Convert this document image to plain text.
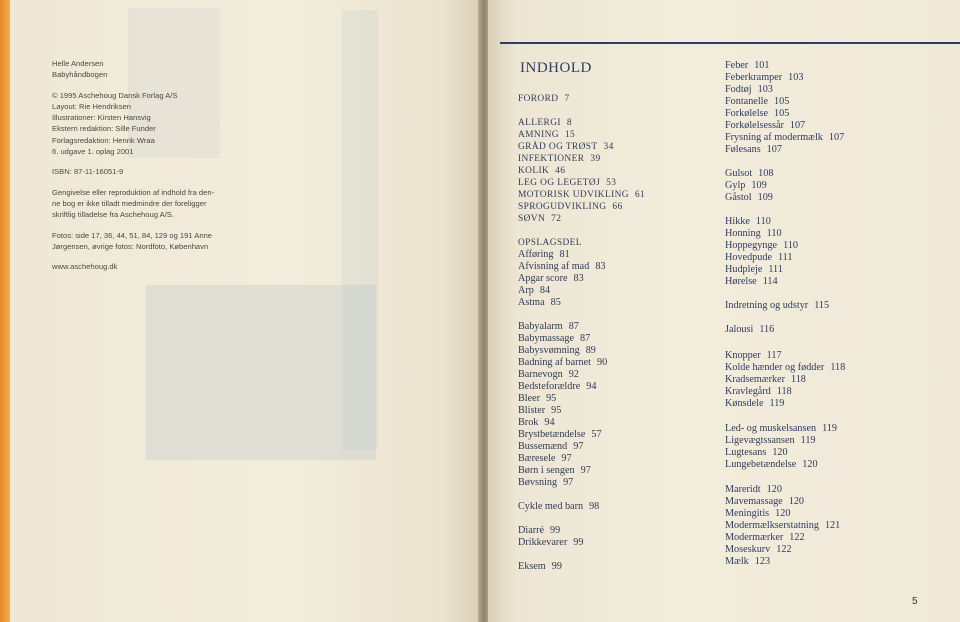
Helle Andersen
Babyhåndbogen
© 1995 Aschehoug Dansk Forlag A/S
Layout: Rie Hendriksen
Illustrationer: Kirsten Hansvig
Ekstern redaktion: Sille Funder
Forlagsredaktion: Henrik Wraa
6. udgave 1. oplag 2001
ISBN: 87-11-16051-9
Gengivelse eller reproduktion af indhold fra den-
ne bog er ikke tilladt medmindre der foreligger
skriftlig tilladelse fra Aschehoug A/S.
Fotos: side 17, 36, 44, 51, 84, 129 og 191 Anne
Jørgensen, øvrige fotos: Nordfoto, København
www.aschehoug.dk
INDHOLD
FORORD 7
ALLERGI 8
AMNING 15
GRÅD OG TRØST 34
INFEKTIONER 39
KOLIK 46
LEG OG LEGETØJ 53
MOTORISK UDVIKLING 61
SPROGUDVIKLING 66
SØVN 72
OPSLAGSDEL
Afføring 81
Afvisning af mad 83
Apgar score 83
Arp 84
Astma 85
Babyalarm 87
Babymassage 87
Babysvømning 89
Badning af barnet 90
Barnevogn 92
Bedsteforældre 94
Bleer 95
Blister 95
Brok 94
Brystbetændelse 57
Bussemænd 97
Bæresele 97
Børn i sengen 97
Bøvsning 97
Cykle med barn 98
Diarré 99
Drikkevarer 99
Eksem 99
Feber 101
Feberkramper 103
Fodtøj 103
Fontanelle 105
Forkølelse 105
Forkølelsessår 107
Frysning af modermælk 107
Følesans 107
Gulsot 108
Gylp 109
Gåstol 109
Hikke 110
Honning 110
Hoppegynge 110
Hovedpude 111
Hudpleje 111
Hørelse 114
Indretning og udstyr 115
Jalousi 116
Knopper 117
Kolde hænder og fødder 118
Kradsemærker 118
Kravlegård 118
Kønsdele 119
Led- og muskelsansen 119
Ligevægtssansen 119
Lugtesans 120
Lungebetændelse 120
Mareridt 120
Mavemassage 120
Meningitis 120
Modermælkserstatning 121
Modermærker 122
Moseskurv 122
Mælk 123
5
